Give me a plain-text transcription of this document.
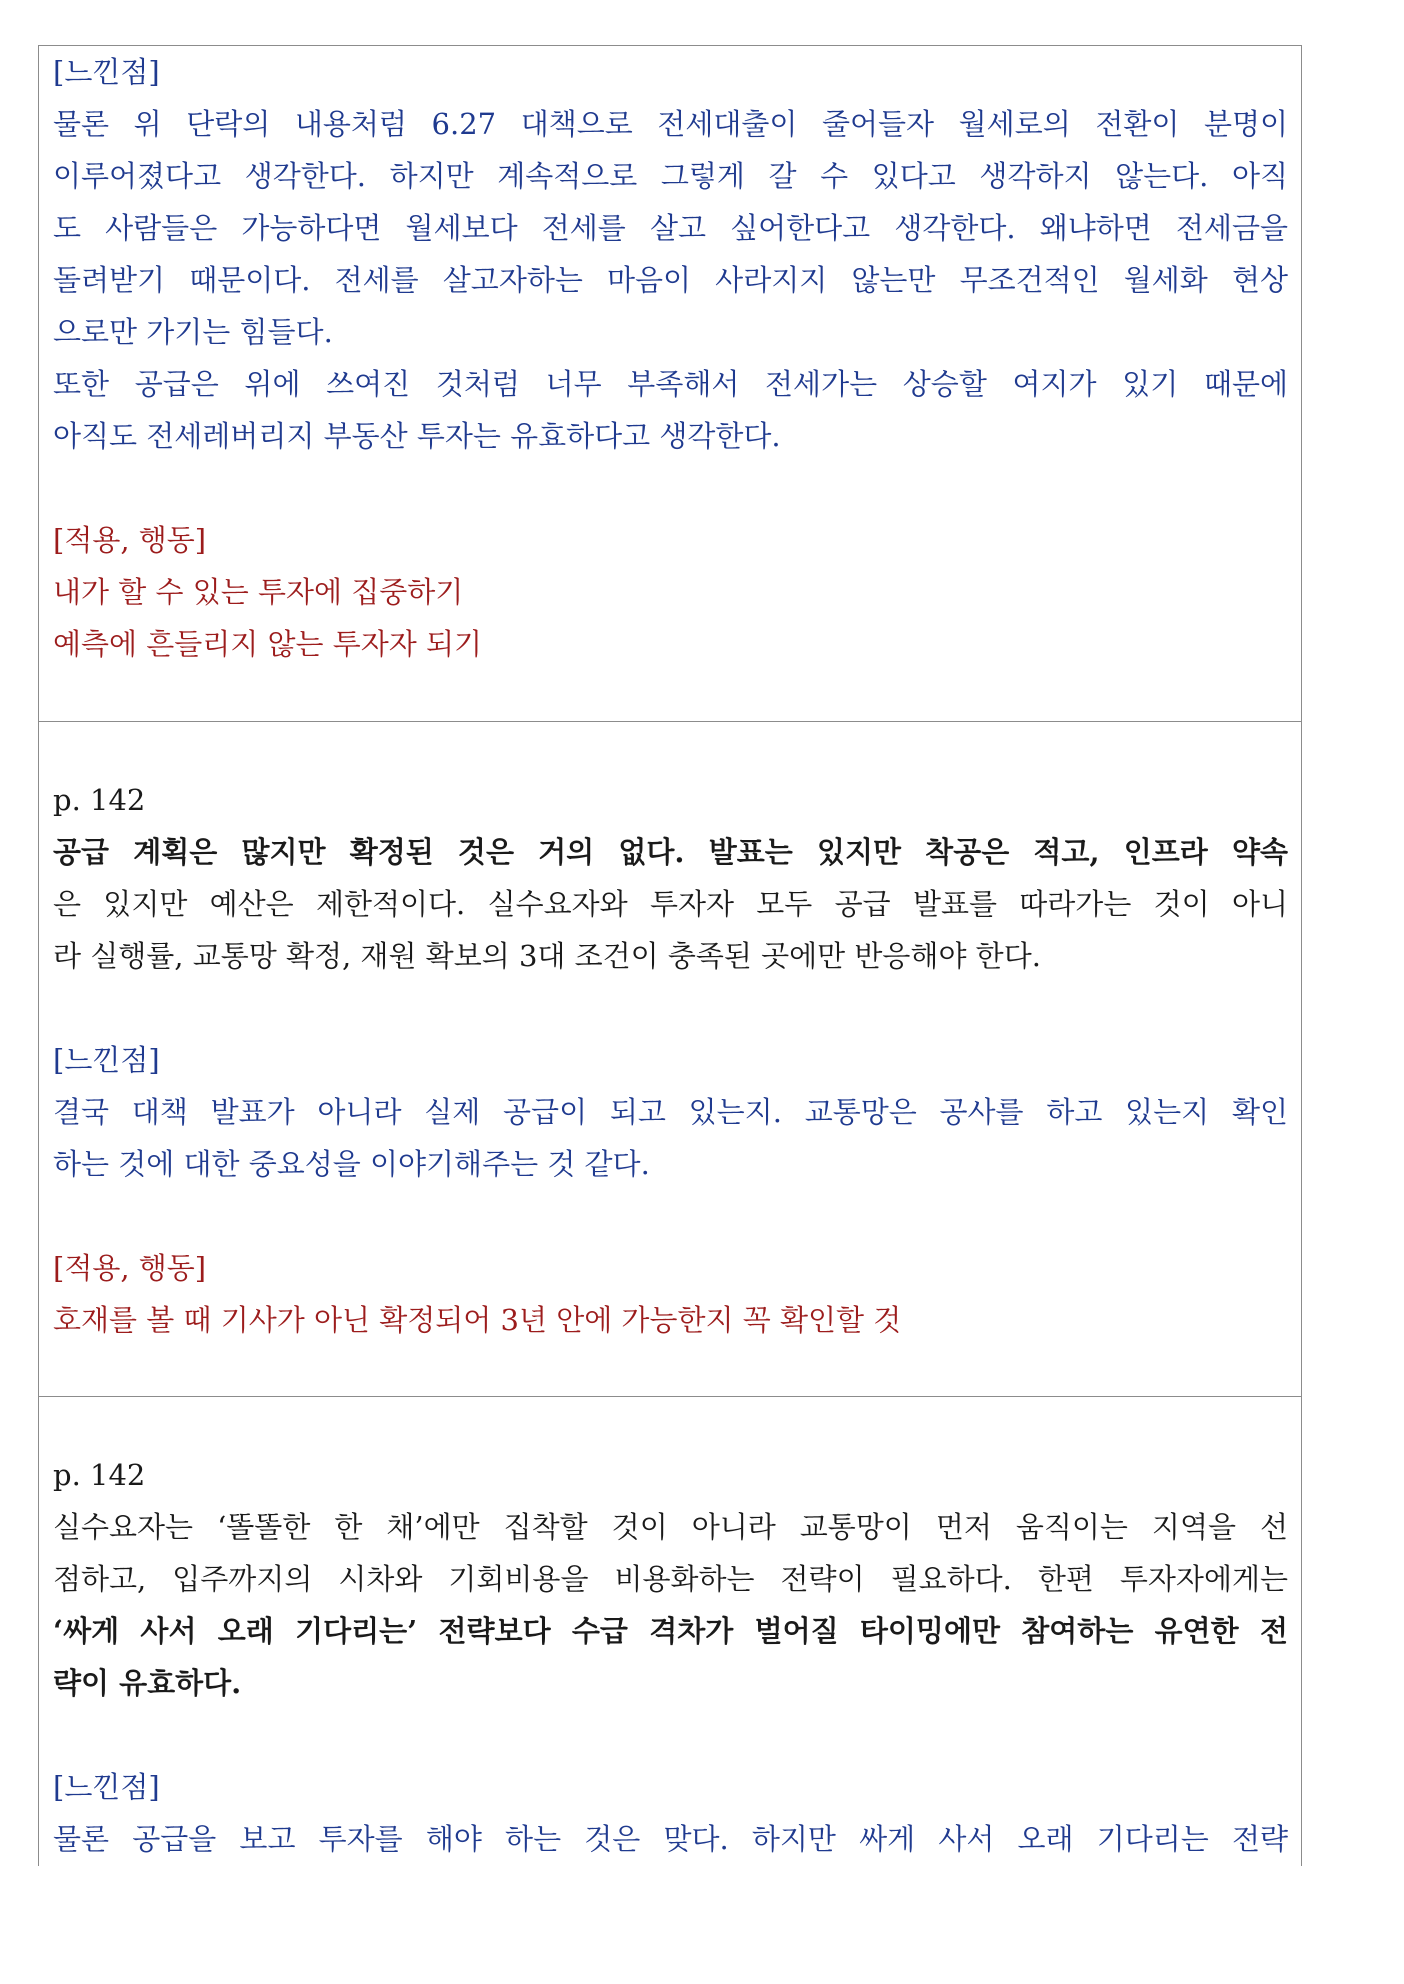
[느낀점]
물론 위 단락의 내용처럼 6.27 대책으로 전세대출이 줄어들자 월세로의 전환이 분명이
이루어졌다고 생각한다. 하지만 계속적으로 그렇게 갈 수 있다고 생각하지 않는다. 아직
도 사람들은 가능하다면 월세보다 전세를 살고 싶어한다고 생각한다. 왜냐하면 전세금을
돌려받기 때문이다. 전세를 살고자하는 마음이 사라지지 않는만 무조건적인 월세화 현상
으로만 가기는 힘들다.
또한 공급은 위에 쓰여진 것처럼 너무 부족해서 전세가는 상승할 여지가 있기 때문에
아직도 전세레버리지 부동산 투자는 유효하다고 생각한다.
[적용, 행동]
내가 할 수 있는 투자에 집중하기
예측에 흔들리지 않는 투자자 되기
p. 142
공급 계획은 많지만 확정된 것은 거의 없다. 발표는 있지만 착공은 적고, 인프라 약속
은 있지만 예산은 제한적이다. 실수요자와 투자자 모두 공급 발표를 따라가는 것이 아니
라 실행률, 교통망 확정, 재원 확보의 3대 조건이 충족된 곳에만 반응해야 한다.
[느낀점]
결국 대책 발표가 아니라 실제 공급이 되고 있는지. 교통망은 공사를 하고 있는지 확인
하는 것에 대한 중요성을 이야기해주는 것 같다.
[적용, 행동]
호재를 볼 때 기사가 아닌 확정되어 3년 안에 가능한지 꼭 확인할 것
p. 142
실수요자는 ‘똘똘한 한 채’에만 집착할 것이 아니라 교통망이 먼저 움직이는 지역을 선
점하고, 입주까지의 시차와 기회비용을 비용화하는 전략이 필요하다. 한편 투자자에게는
‘싸게 사서 오래 기다리는’ 전략보다 수급 격차가 벌어질 타이밍에만 참여하는 유연한 전
략이 유효하다.
[느낀점]
물론 공급을 보고 투자를 해야 하는 것은 맞다. 하지만 싸게 사서 오래 기다리는 전략
